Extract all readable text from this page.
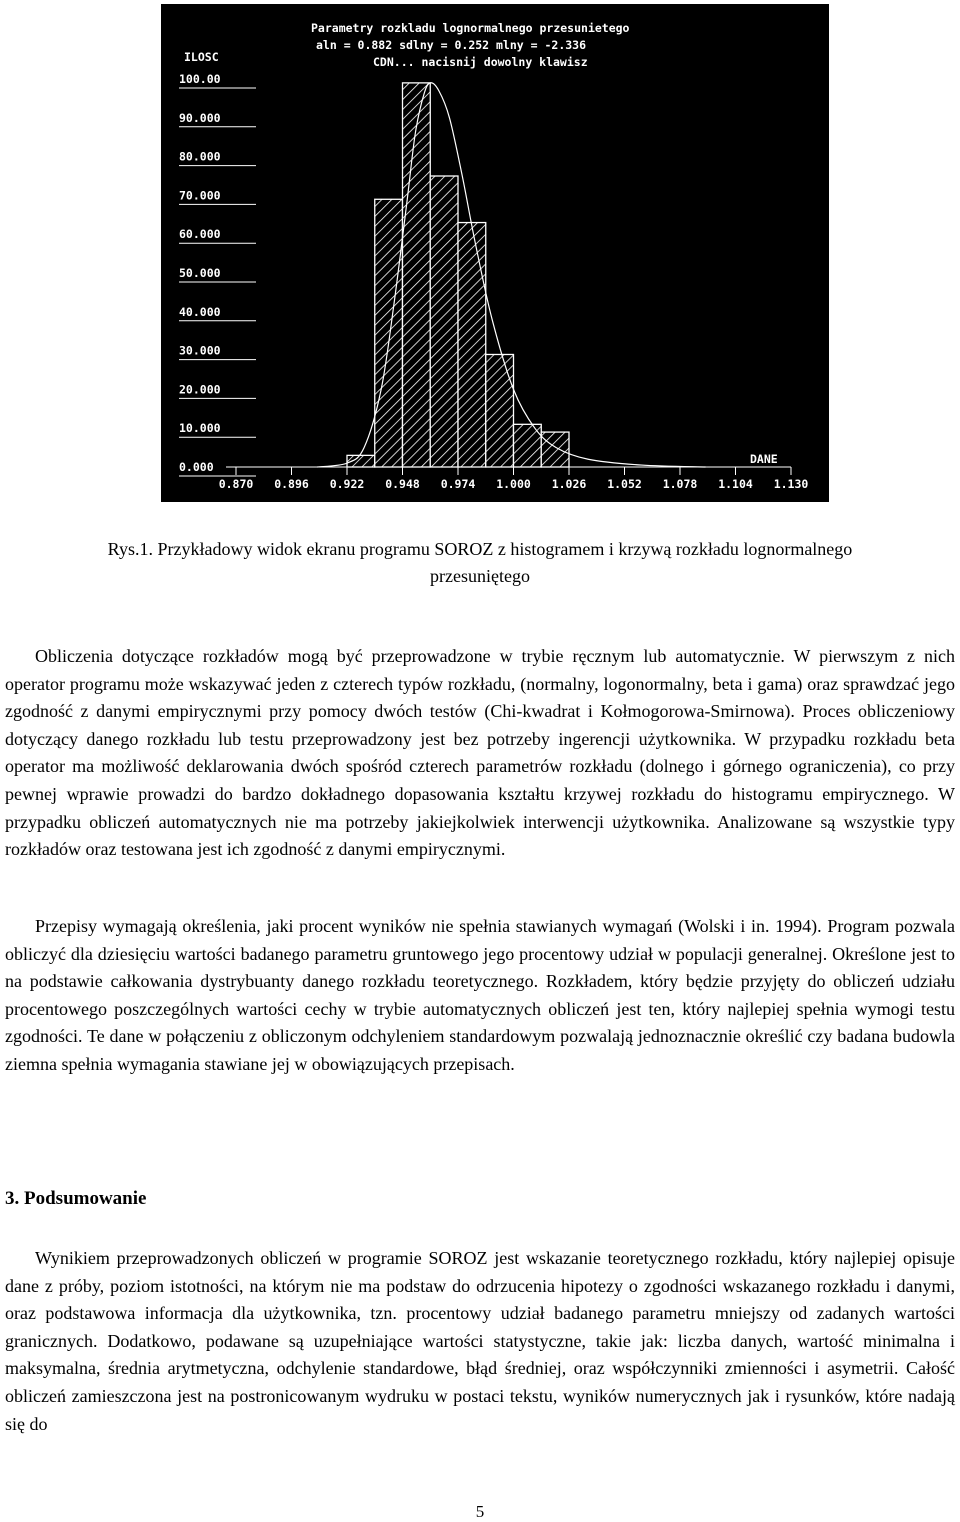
Parametry rozkladu lognormalnego przesunietego
aln = 0.882 sdlny = 0.252 mlny = -2.336
CDN... nacisnij dowolny klawisz
ILOSC
DANE
0.000
10.000
20.000
30.000
40.000
50.000
60.000
70.000
80.000
90.000
100.00
0.870 0.896 0.922 0.948 0.974 1.000 1.026 1.052 1.078 1.104 1.130
Rys.1. Przykładowy widok ekranu programu SOROZ z histogramem i krzywą rozkładu lognormalnego przesuniętego

Obliczenia dotyczące rozkładów mogą być przeprowadzone w trybie ręcznym lub automatycznie. W pierwszym z nich operator programu może wskazywać jeden z czterech typów rozkładu, (normalny, logonormalny, beta i gama) oraz sprawdzać jego zgodność z danymi empirycznymi przy pomocy dwóch testów (Chi-kwadrat i Kołmogorowa-Smirnowa). Proces obliczeniowy dotyczący danego rozkładu lub testu przeprowadzony jest bez potrzeby ingerencji użytkownika. W przypadku rozkładu beta operator ma możliwość deklarowania dwóch spośród czterech parametrów rozkładu (dolnego i górnego ograniczenia), co przy pewnej wprawie prowadzi do bardzo dokładnego dopasowania kształtu krzywej rozkładu do histogramu empirycznego. W przypadku obliczeń automatycznych nie ma potrzeby jakiejkolwiek interwencji użytkownika. Analizowane są wszystkie typy rozkładów oraz testowana jest ich zgodność z danymi empirycznymi.

Przepisy wymagają określenia, jaki procent wyników nie spełnia stawianych wymagań (Wolski i in. 1994). Program pozwala obliczyć dla dziesięciu wartości badanego parametru gruntowego jego procentowy udział w populacji generalnej. Określone jest to na podstawie całkowania dystrybuanty danego rozkładu teoretycznego. Rozkładem, który będzie przyjęty do obliczeń udziału procentowego poszczególnych wartości cechy w trybie automatycznych obliczeń jest ten, który najlepiej spełnia wymogi testu zgodności. Te dane w połączeniu z obliczonym odchyleniem standardowym pozwalają jednoznacznie określić czy badana budowla ziemna spełnia wymagania stawiane jej w obowiązujących przepisach.

3. Podsumowanie

Wynikiem przeprowadzonych obliczeń w programie SOROZ jest wskazanie teoretycznego rozkładu, który najlepiej opisuje dane z próby, poziom istotności, na którym nie ma podstaw do odrzucenia hipotezy o zgodności wskazanego rozkładu i danymi, oraz podstawowa informacja dla użytkownika, tzn. procentowy udział badanego parametru mniejszy od zadanych wartości granicznych. Dodatkowo, podawane są uzupełniające wartości statystyczne, takie jak: liczba danych, wartość minimalna i maksymalna, średnia arytmetyczna, odchylenie standardowe, błąd średniej, oraz współczynniki zmienności i asymetrii. Całość obliczeń zamieszczona jest na postronicowanym wydruku w postaci tekstu, wyników numerycznych jak i rysunków, które nadają się do

5
